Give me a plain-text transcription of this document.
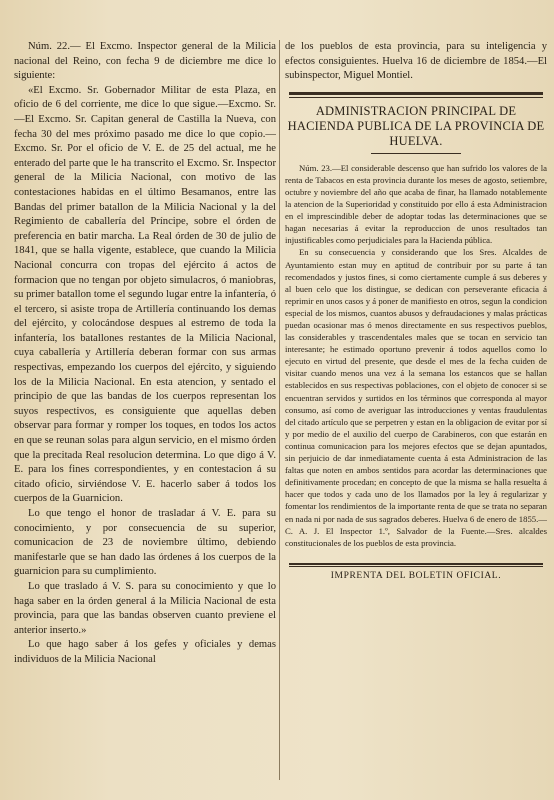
Núm. 22.— El Excmo. Inspector general de la Milicia nacional del Reino, con fecha 9 de diciembre me dice lo siguiente:

«El Excmo. Sr. Gobernador Militar de esta Plaza, en oficio de 6 del corriente, me dice lo que sigue.—Excmo. Sr.—El Excmo. Sr. Capitan general de Castilla la Nueva, con fecha 30 del mes próximo pasado me dice lo que copio.—Excmo. Sr. Por el oficio de V. E. de 25 del actual, me he enterado del parte que le ha transcrito el Excmo. Sr. Inspector general de la Milicia Nacional, con motivo de las contestaciones habidas en el último Besamanos, entre las Bandas del primer batallon de la Milicia Nacional y la del Regimiento de caballería del Príncipe, sobre el órden de preferencia en batir marcha. La Real órden de 30 de julio de 1841, que se halla vigente, establece, que cuando la Milicia Nacional concurra con tropas del ejército á actos de formacion que no tengan por objeto simulacros, ó maniobras, su primer batallon tome el segundo lugar entre la infantería, ó el tercero, si asiste tropa de Artillería continuando los demas del ejército, y colocándose despues al estremo de toda la infantería, los batallones restantes de la Milicia Nacional, cuya caballería y Artillería deberan formar con sus armas respectivas, empezando los cuerpos del ejército, y siguiendo los de la Milicia Nacional. En esta atencion, y sentado el principio de que las bandas de los cuerpos representan los suyos respectivos, es consiguiente que aquellas deben observar para formar y romper los toques, en todos los actos en que se reunan solas para algun servicio, en el mismo órden que la precitada Real resolucion determina. Lo que digo á V. E. para los fines correspondientes, y en contestacion á su citado oficio, sirviéndose V. E. hacerlo saber á todos los cuerpos de la Guarnicion.

Lo que tengo el honor de trasladar á V. E. para su conocimiento, y por consecuencia de su superior, comunicacion de 23 de noviembre último, debiendo manifestarle que se han dado las órdenes á los cuerpos de la guarnicion para su cumplimiento.

Lo que traslado á V. S. para su conocimiento y que lo haga saber en la órden general á la Milicia Nacional de esta provincia, para que las bandas observen cuanto previene el anterior inserto.»

Lo que hago saber á los gefes y oficiales y demas individuos de la Milicia Nacional

de los pueblos de esta provincia, para su inteligencia y efectos consiguientes. Huelva 16 de diciembre de 1854.—El subinspector, Miguel Montiel.

ADMINISTRACION PRINCIPAL DE HACIENDA PUBLICA DE LA PROVINCIA DE HUELVA.

Núm. 23.—El considerable descenso que han sufrido los valores de la renta de Tabacos en esta provincia durante los meses de agosto, setiembre, octubre y noviembre del año que acaba de finar, ha llamado notablemente la atencion de la Superioridad y constituido por ello á esta Administracion en el imprescindible deber de adoptar todas las determinaciones que se hagan necesarias á evitar la reproduccion de unos resultados tan injustificables como perjudiciales para la Hacienda pública.

En su consecuencia y considerando que los Sres. Alcaldes de Ayuntamiento estan muy en aptitud de contribuir por su parte á tan recomendados y justos fines, si como ciertamente cumple á sus deberes y al buen celo que los distingue, se dedican con perseverante eficacia á reprimir en unos casos y á poner de manifiesto en otros, segun la condicion especial de los mismos, cuantos abusos y defraudaciones y malas prácticas puedan ocasionar mas ó menos directamente en sus respectivos pueblos, las considerables y trascendentales males que se tocan en servicio tan interesante; he estimado oportuno prevenir á todos aquellos como lo ejecuto en virtud del presente, que desde el mes de la fecha cuiden de visitar cuando menos una vez á la semana los estancos que se hallan establecidos en sus respectivas poblaciones, con el objeto de conocer si se encuentran servidos y surtidos en los términos que corresponda al mayor consumo, así como de averiguar las introducciones y ventas fraudulentas del citado artículo que se perpetren y estan en la obligacion de evitar por sí y por medio de el auxilio del cuerpo de Carabineros, con que estarán en continua comunicacion para los mejores efectos que se dejan apuntados, sin perjuicio de dar inmediatamente cuenta á esta Administracion de las faltas que noten en ambos sentidos para acordar las determinaciones que definitivamente procedan; en concepto de que la misma se halla resuelta á hacer que todos y cada uno de los llamados por la ley á regularizar y fomentar los rendimientos de la importante renta de que se trata no separan en nada ni por nada de sus sagrados deberes. Huelva 6 de enero de 1855.—C. A. J. El Inspector 1.º, Salvador de la Fuente.—Sres. alcaldes constitucionales de los pueblos de esta provincia.

IMPRENTA DEL BOLETIN OFICIAL.
